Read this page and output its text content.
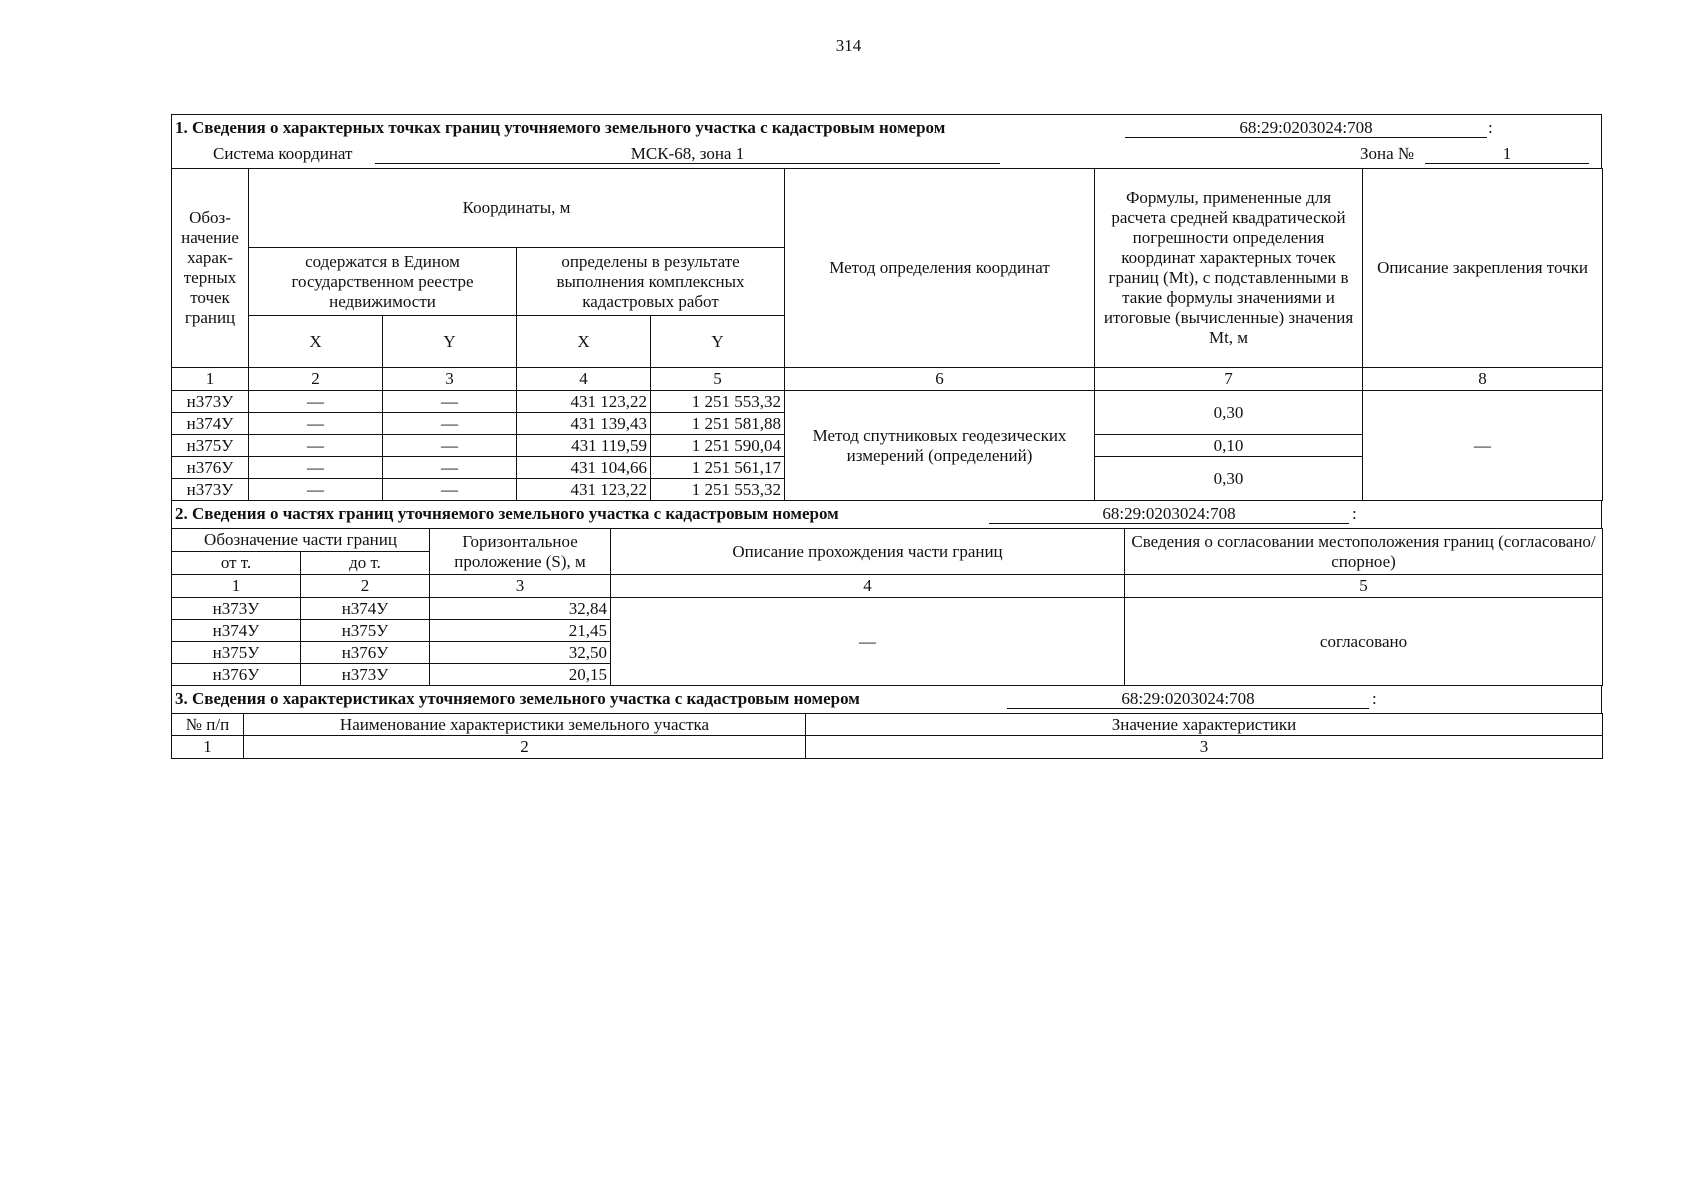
314
1. Сведения о характерных точках границ уточняемого земельного участка с кадастровым номером	68:29:0203024:708	:
Система координат	МСК-68, зона 1	Зона №	1
Обоз-начение харак-терных точек границ	Координаты, м				Метод определения координат	Формулы, примененные для расчета средней квадратической погрешности определения координат характерных точек границ (Mt), с подставленными в такие формулы значениями и итоговые (вычисленные) значения Mt, м	Описание закрепления точки
	содержатся в Едином государственном реестре недвижимости		определены в результате выполнения комплексных кадастровых работ				
	X	Y	X	Y			
1	2	3	4	5	6	7	8
н373У	—	—	431 123,22	1 251 553,32	Метод спутниковых геодезических измерений (определений)	0,30	—
н374У	—	—	431 139,43	1 251 581,88			
н375У	—	—	431 119,59	1 251 590,04		0,10	
н376У	—	—	431 104,66	1 251 561,17		0,30	
н373У	—	—	431 123,22	1 251 553,32			
2. Сведения о частях границ уточняемого земельного участка с кадастровым номером	68:29:0203024:708	:
Обозначение части границ		Горизонтальное проложение (S), м	Описание прохождения части границ	Сведения о согласовании местоположения границ (согласовано/спорное)
от т.	до т.			
1	2	3	4	5
н373У	н374У	32,84	—	согласовано
н374У	н375У	21,45		
н375У	н376У	32,50		
н376У	н373У	20,15		
3. Сведения о характеристиках уточняемого земельного участка с кадастровым номером	68:29:0203024:708	:
№ п/п	Наименование характеристики земельного участка	Значение характеристики
1	2	3
